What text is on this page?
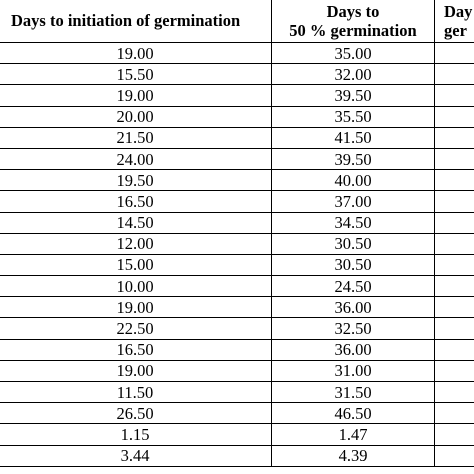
Days to initiation of germination	Days to
50 % germination	Day
ger

19.00	35.00	
15.50	32.00	
19.00	39.50	
20.00	35.50	
21.50	41.50	
24.00	39.50	
19.50	40.00	
16.50	37.00	
14.50	34.50	
12.00	30.50	
15.00	30.50	
10.00	24.50	
19.00	36.00	
22.50	32.50	
16.50	36.00	
19.00	31.00	
11.50	31.50	
26.50	46.50	
1.15	1.47	
3.44	4.39	
